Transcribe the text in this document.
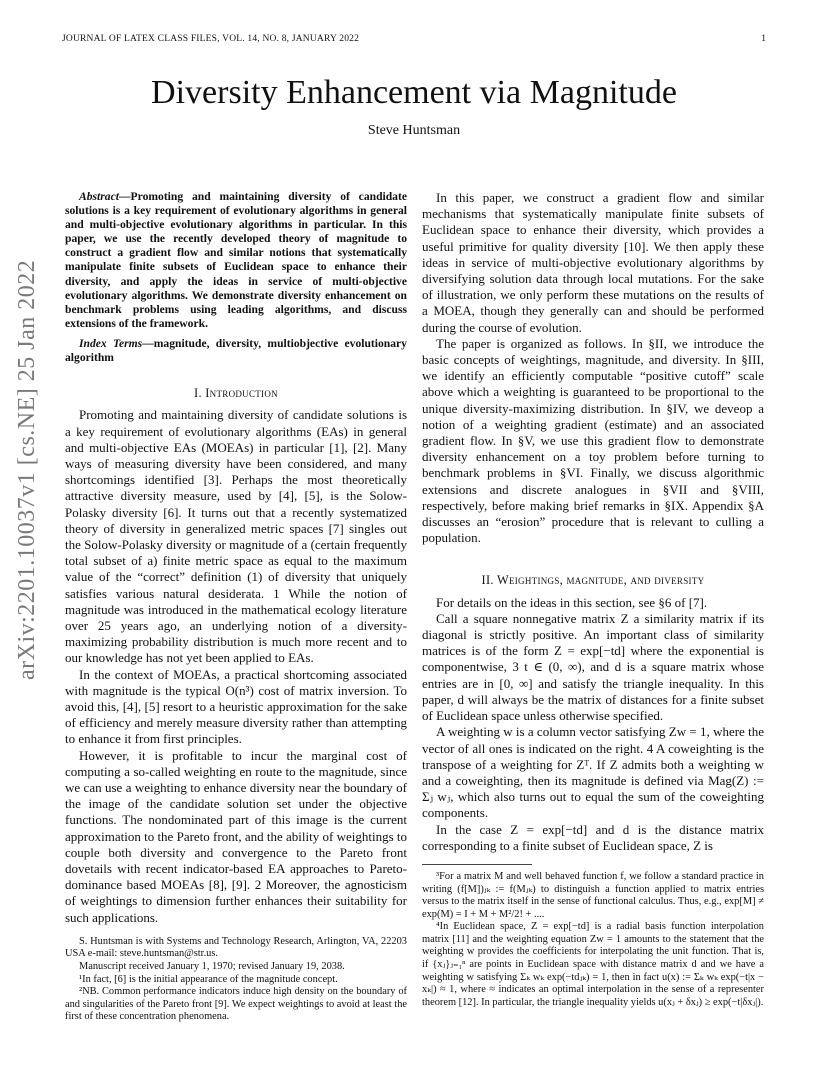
JOURNAL OF LATEX CLASS FILES, VOL. 14, NO. 8, JANUARY 2022	1
Diversity Enhancement via Magnitude
Steve Huntsman
arXiv:2201.10037v1 [cs.NE] 25 Jan 2022

Abstract—Promoting and maintaining diversity of candidate solutions is a key requirement of evolutionary algorithms in general and multi-objective evolutionary algorithms in particular. In this paper, we use the recently developed theory of magnitude to construct a gradient flow and similar notions that systematically manipulate finite subsets of Euclidean space to enhance their diversity, and apply the ideas in service of multi-objective evolutionary algorithms. We demonstrate diversity enhancement on benchmark problems using leading algorithms, and discuss extensions of the framework.

Index Terms—magnitude, diversity, multiobjective evolutionary algorithm

I. Introduction

Promoting and maintaining diversity of candidate solutions is a key requirement of evolutionary algorithms (EAs) in general and multi-objective EAs (MOEAs) in particular [1], [2]. Many ways of measuring diversity have been considered, and many shortcomings identified [3]. Perhaps the most theoretically attractive diversity measure, used by [4], [5], is the Solow-Polasky diversity [6]. It turns out that a recently systematized theory of diversity in generalized metric spaces [7] singles out the Solow-Polasky diversity or magnitude of a (certain frequently total subset of a) finite metric space as equal to the maximum value of the “correct” definition (1) of diversity that uniquely satisfies various natural desiderata. 1 While the notion of magnitude was introduced in the mathematical ecology literature over 25 years ago, an underlying notion of a diversity-maximizing probability distribution is much more recent and to our knowledge has not yet been applied to EAs.

In the context of MOEAs, a practical shortcoming associated with magnitude is the typical O(n³) cost of matrix inversion. To avoid this, [4], [5] resort to a heuristic approximation for the sake of efficiency and merely measure diversity rather than attempting to enhance it from first principles.

However, it is profitable to incur the marginal cost of computing a so-called weighting en route to the magnitude, since we can use a weighting to enhance diversity near the boundary of the image of the candidate solution set under the objective functions. The nondominated part of this image is the current approximation to the Pareto front, and the ability of weightings to couple both diversity and convergence to the Pareto front dovetails with recent indicator-based EA approaches to Pareto-dominance based MOEAs [8], [9]. 2 Moreover, the agnosticism of weightings to dimension further enhances their suitability for such applications.

S. Huntsman is with Systems and Technology Research, Arlington, VA, 22203 USA e-mail: steve.huntsman@str.us.

Manuscript received January 1, 1970; revised January 19, 2038.

¹In fact, [6] is the initial appearance of the magnitude concept.

²NB. Common performance indicators induce high density on the boundary of and singularities of the Pareto front [9]. We expect weightings to avoid at least the first of these concentration phenomena.

In this paper, we construct a gradient flow and similar mechanisms that systematically manipulate finite subsets of Euclidean space to enhance their diversity, which provides a useful primitive for quality diversity [10]. We then apply these ideas in service of multi-objective evolutionary algorithms by diversifying solution data through local mutations. For the sake of illustration, we only perform these mutations on the results of a MOEA, though they generally can and should be performed during the course of evolution.

The paper is organized as follows. In §II, we introduce the basic concepts of weightings, magnitude, and diversity. In §III, we identify an efficiently computable “positive cutoff” scale above which a weighting is guaranteed to be proportional to the unique diversity-maximizing distribution. In §IV, we deveop a notion of a weighting gradient (estimate) and an associated gradient flow. In §V, we use this gradient flow to demonstrate diversity enhancement on a toy problem before turning to benchmark problems in §VI. Finally, we discuss algorithmic extensions and discrete analogues in §VII and §VIII, respectively, before making brief remarks in §IX. Appendix §A discusses an “erosion” procedure that is relevant to culling a population.

II. Weightings, magnitude, and diversity

For details on the ideas in this section, see §6 of [7].

Call a square nonnegative matrix Z a similarity matrix if its diagonal is strictly positive. An important class of similarity matrices is of the form Z = exp[−td] where the exponential is componentwise, 3 t ∈ (0, ∞), and d is a square matrix whose entries are in [0, ∞] and satisfy the triangle inequality. In this paper, d will always be the matrix of distances for a finite subset of Euclidean space unless otherwise specified.

A weighting w is a column vector satisfying Zw = 1, where the vector of all ones is indicated on the right. 4 A coweighting is the transpose of a weighting for Zᵀ. If Z admits both a weighting w and a coweighting, then its magnitude is defined via Mag(Z) := Σⱼ wⱼ, which also turns out to equal the sum of the coweighting components.

In the case Z = exp[−td] and d is the distance matrix corresponding to a finite subset of Euclidean space, Z is

³For a matrix M and well behaved function f, we follow a standard practice in writing (f[M])ⱼₖ := f(Mⱼₖ) to distinguish a function applied to matrix entries versus to the matrix itself in the sense of functional calculus. Thus, e.g., exp[M] ≠ exp(M) = I + M + M²/2! + ....

⁴In Euclidean space, Z = exp[−td] is a radial basis function interpolation matrix [11] and the weighting equation Zw = 1 amounts to the statement that the weighting w provides the coefficients for interpolating the unit function. That is, if {xⱼ}ⱼ₌₁ⁿ are points in Euclidean space with distance matrix d and we have a weighting w satisfying Σₖ wₖ exp(−tdⱼₖ) = 1, then in fact u(x) := Σₖ wₖ exp(−t|x − xₖ|) ≈ 1, where ≈ indicates an optimal interpolation in the sense of a representer theorem [12]. In particular, the triangle inequality yields u(xⱼ + δxⱼ) ≥ exp(−t|δxⱼ|).
